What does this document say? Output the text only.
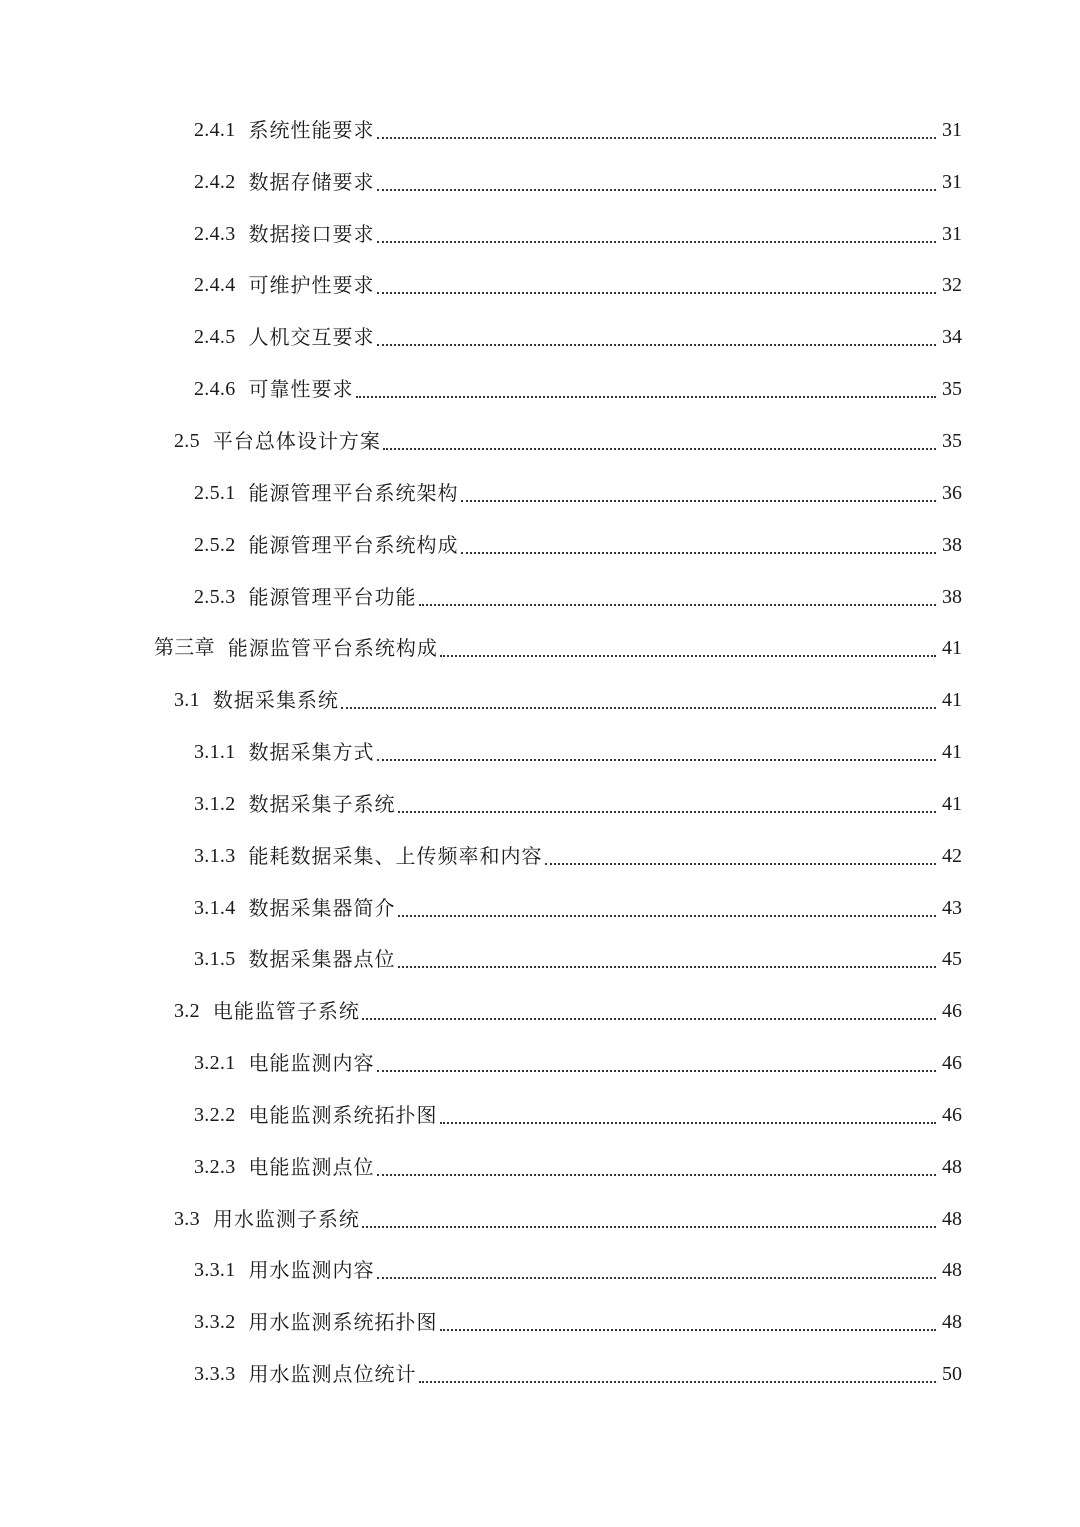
2.4.1 系统性能要求	31
2.4.2 数据存储要求	31
2.4.3 数据接口要求	31
2.4.4 可维护性要求	32
2.4.5 人机交互要求	34
2.4.6 可靠性要求	35
2.5 平台总体设计方案	35
2.5.1 能源管理平台系统架构	36
2.5.2 能源管理平台系统构成	38
2.5.3 能源管理平台功能	38
第三章 能源监管平台系统构成	41
3.1 数据采集系统	41
3.1.1 数据采集方式	41
3.1.2 数据采集子系统	41
3.1.3 能耗数据采集、上传频率和内容	42
3.1.4 数据采集器简介	43
3.1.5 数据采集器点位	45
3.2 电能监管子系统	46
3.2.1 电能监测内容	46
3.2.2 电能监测系统拓扑图	46
3.2.3 电能监测点位	48
3.3 用水监测子系统	48
3.3.1 用水监测内容	48
3.3.2 用水监测系统拓扑图	48
3.3.3 用水监测点位统计	50
